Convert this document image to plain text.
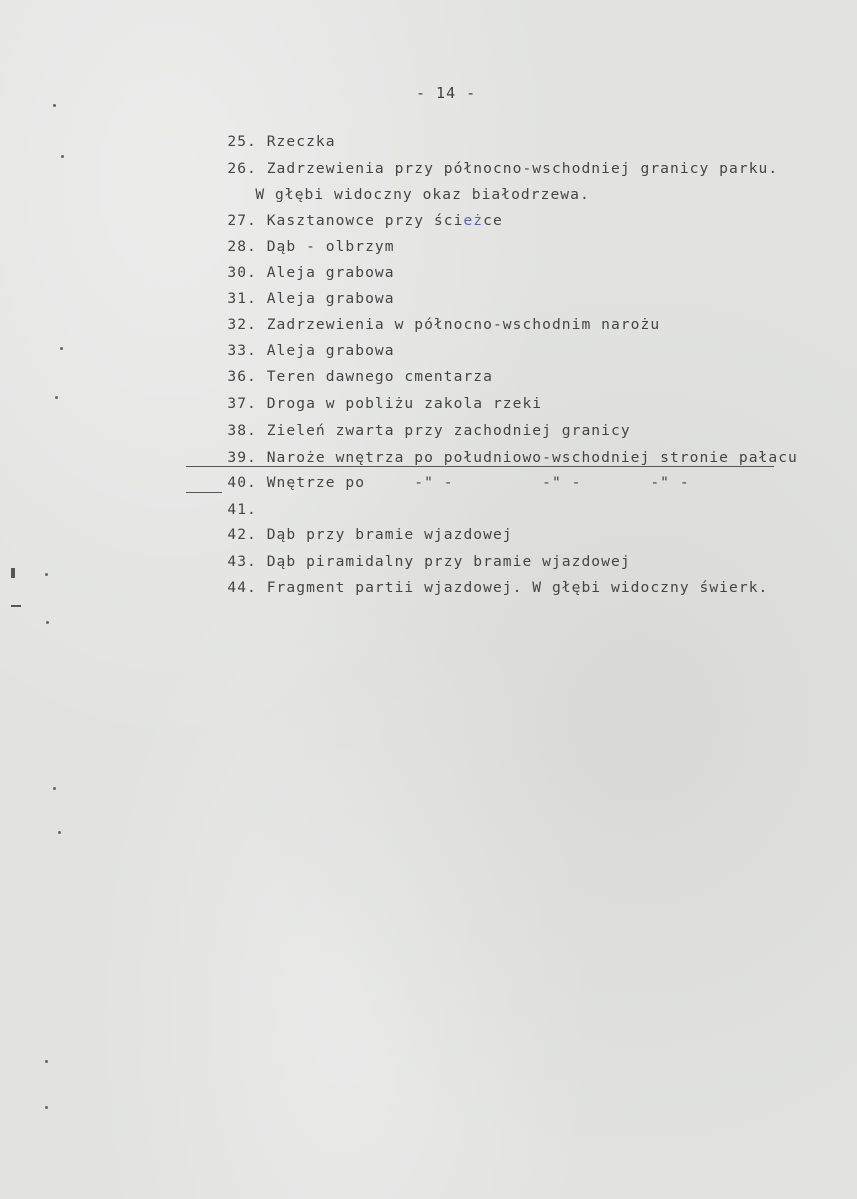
- 14 -

25. Rzeczka

26. Zadrzewienia przy północno-wschodniej granicy parku.

W głębi widoczny okaz białodrzewa.

27. Kasztanowce przy ścieżce

28. Dąb - olbrzym

30. Aleja grabowa

31. Aleja grabowa

32. Zadrzewienia w północno-wschodnim narożu

33. Aleja grabowa

36. Teren dawnego cmentarza

37. Droga w pobliżu zakola rzeki

38. Zieleń zwarta przy zachodniej granicy

39. Naroże wnętrza po południowo-wschodniej stronie pałacu

40. Wnętrze po     -" -         -" -       -" -

41.

42. Dąb przy bramie wjazdowej

43. Dąb piramidalny przy bramie wjazdowej

44. Fragment partii wjazdowej. W głębi widoczny świerk.
